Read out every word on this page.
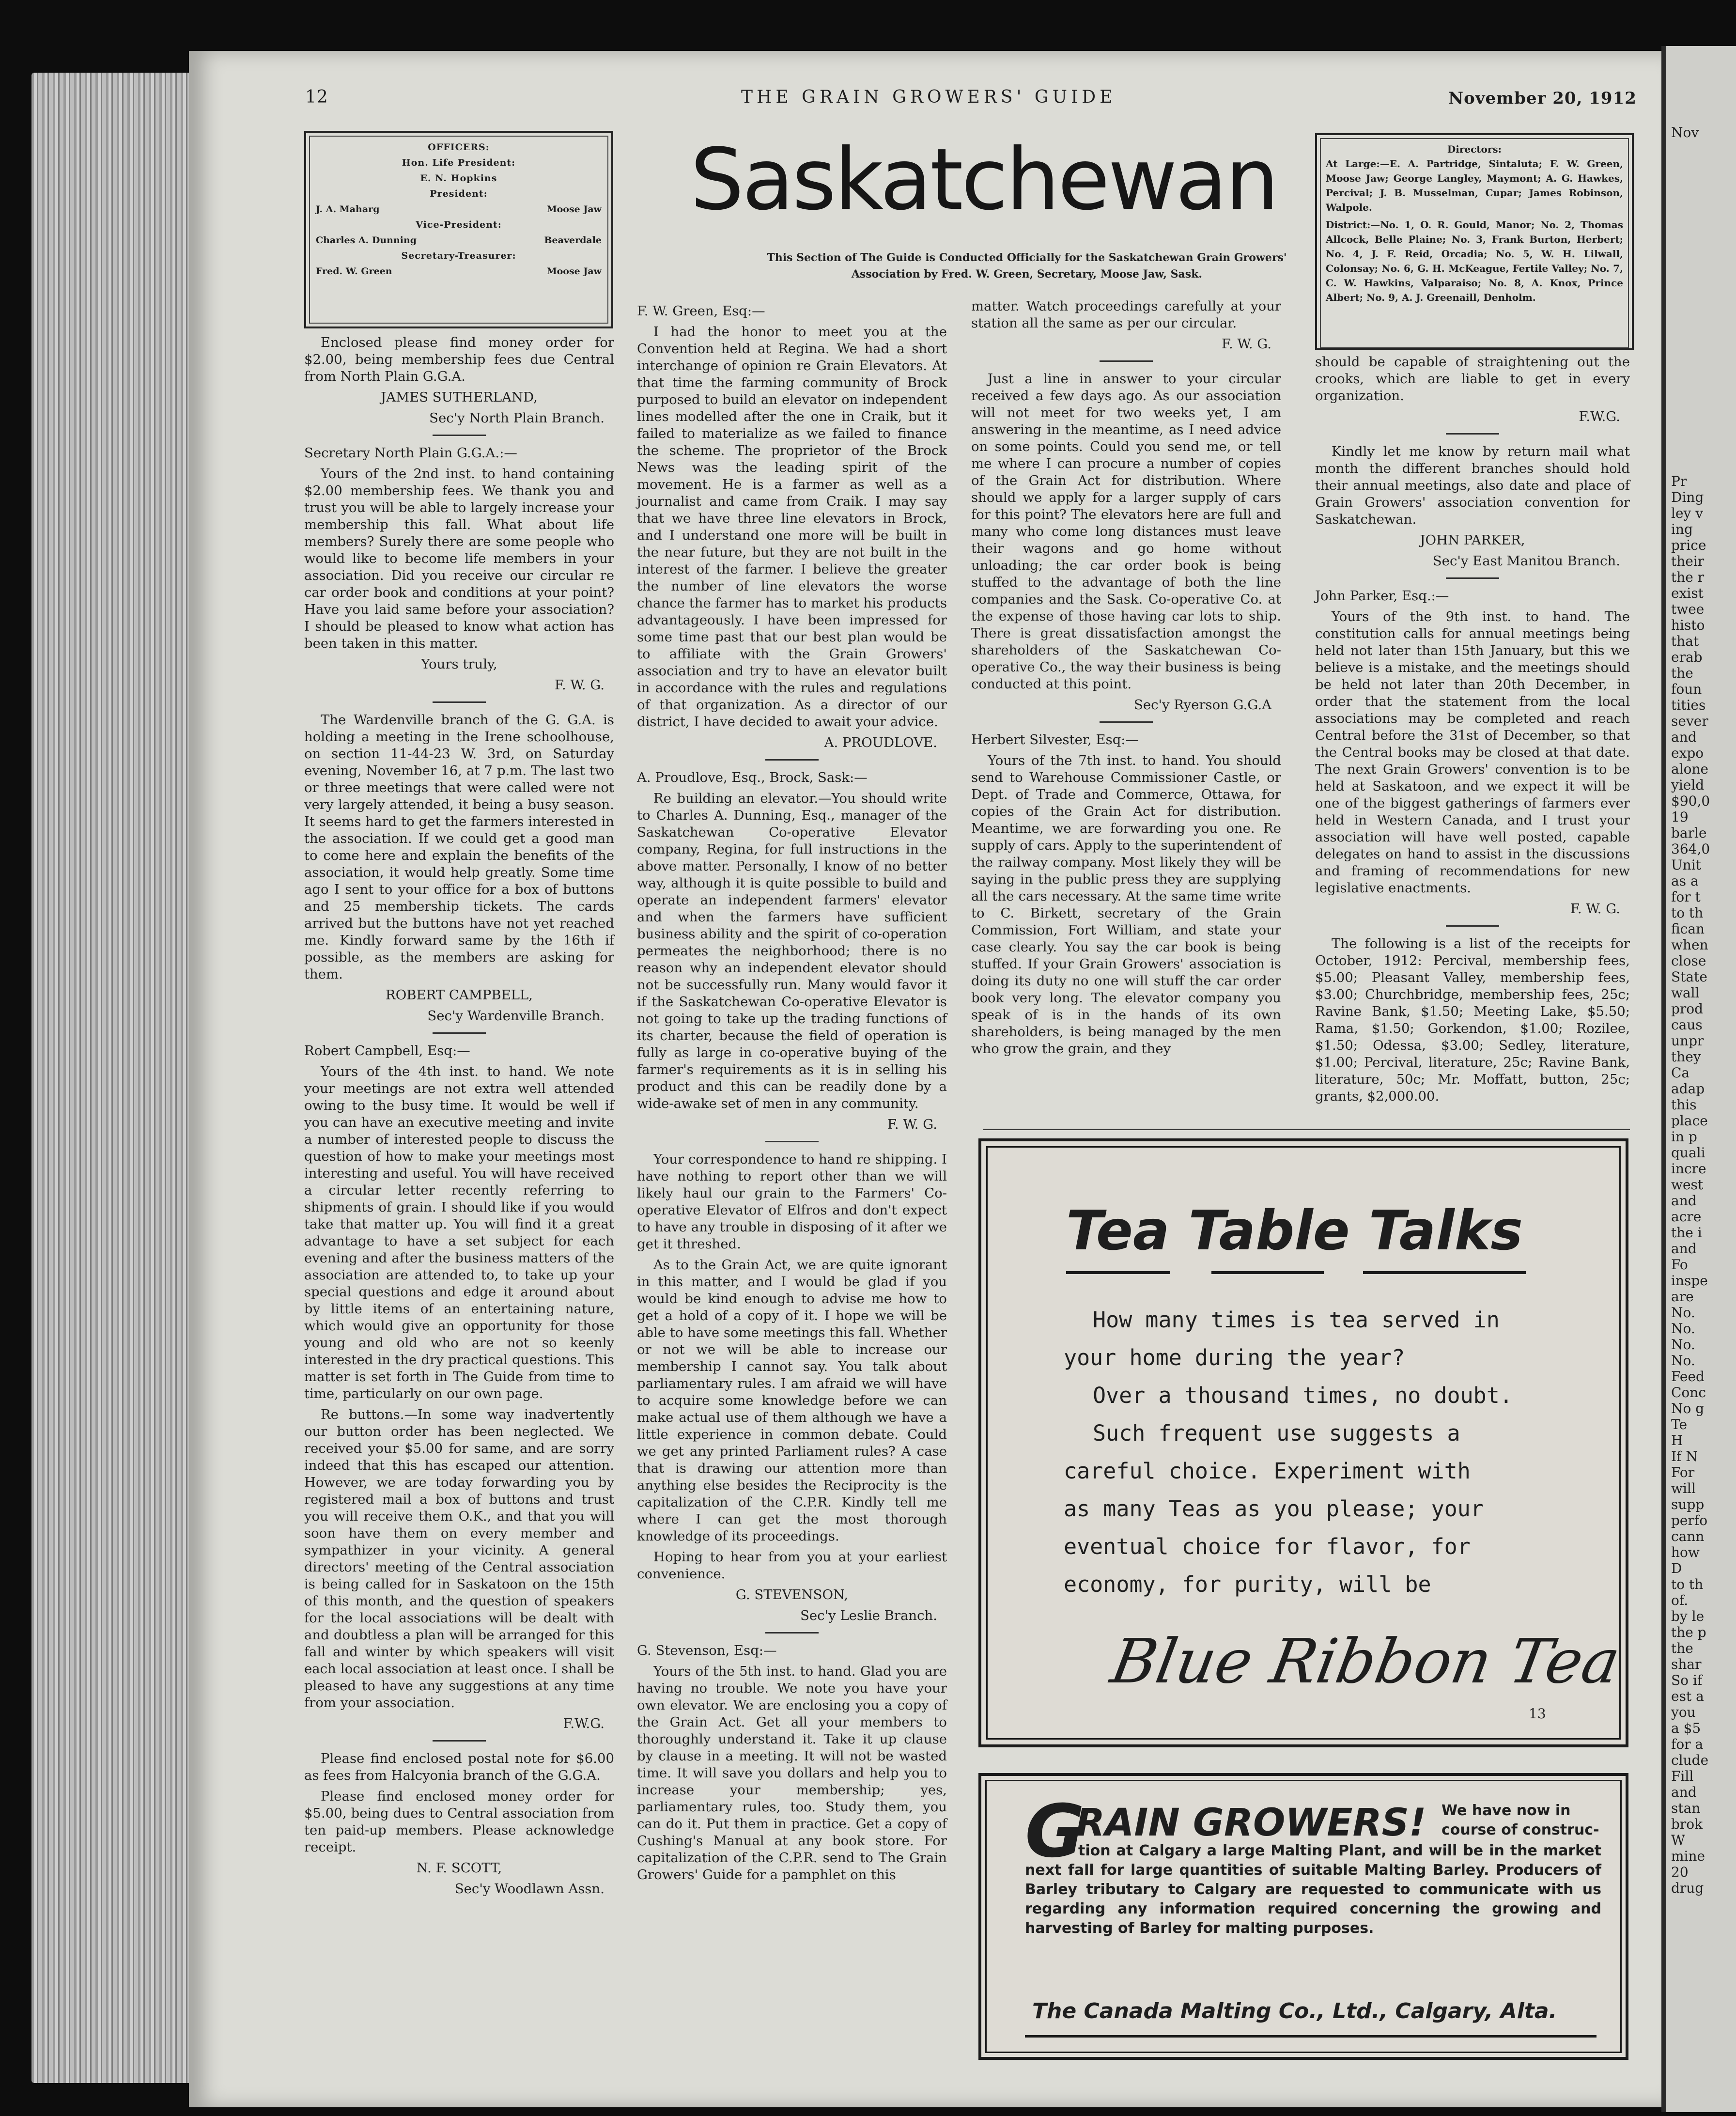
12	THE GRAIN GROWERS' GUIDE	November 20, 1912
OFFICERS:
Hon. Life President:
E. N. Hopkins
President:
J. A. Maharg	Moose Jaw
Vice-President:
Charles A. Dunning	Beaverdale
Secretary-Treasurer:
Fred. W. Green	Moose Jaw
Saskatchewan
This Section of The Guide is Conducted Officially for the Saskatchewan Grain Growers'
Association by Fred. W. Green, Secretary, Moose Jaw, Sask.
Directors:
At Large:—E. A. Partridge, Sintaluta; F. W. Green, Moose Jaw; George Langley, Maymont; A. G. Hawkes, Percival; J. B. Musselman, Cupar; James Robinson, Walpole.
District:—No. 1, O. R. Gould, Manor; No. 2, Thomas Allcock, Belle Plaine; No. 3, Frank Burton, Herbert; No. 4, J. F. Reid, Orcadia; No. 5, W. H. Lilwall, Colonsay; No. 6, G. H. McKeague, Fertile Valley; No. 7, C. W. Hawkins, Valparaiso; No. 8, A. Knox, Prince Albert; No. 9, A. J. Greenaill, Denholm.

Enclosed please find money order for $2.00, being membership fees due Central from North Plain G.G.A.

JAMES SUTHERLAND,

Sec'y North Plain Branch.

Secretary North Plain G.G.A.:—

Yours of the 2nd inst. to hand containing $2.00 membership fees. We thank you and trust you will be able to largely increase your membership this fall. What about life members? Surely there are some people who would like to become life members in your association. Did you receive our circular re car order book and conditions at your point? Have you laid same before your association? I should be pleased to know what action has been taken in this matter.

Yours truly,

F. W. G.

The Wardenville branch of the G. G.A. is holding a meeting in the Irene schoolhouse, on section 11-44-23 W. 3rd, on Saturday evening, November 16, at 7 p.m. The last two or three meetings that were called were not very largely attended, it being a busy season. It seems hard to get the farmers interested in the association. If we could get a good man to come here and explain the benefits of the association, it would help greatly. Some time ago I sent to your office for a box of buttons and 25 membership tickets. The cards arrived but the buttons have not yet reached me. Kindly forward same by the 16th if possible, as the members are asking for them.

ROBERT CAMPBELL,

Sec'y Wardenville Branch.

Robert Campbell, Esq:—

Yours of the 4th inst. to hand. We note your meetings are not extra well attended owing to the busy time. It would be well if you can have an executive meeting and invite a number of interested people to discuss the question of how to make your meetings most interesting and useful. You will have received a circular letter recently referring to shipments of grain. I should like if you would take that matter up. You will find it a great advantage to have a set subject for each evening and after the business matters of the association are attended to, to take up your special questions and edge it around about by little items of an entertaining nature, which would give an opportunity for those young and old who are not so keenly interested in the dry practical questions. This matter is set forth in The Guide from time to time, particularly on our own page.

Re buttons.—In some way inadvertently our button order has been neglected. We received your $5.00 for same, and are sorry indeed that this has escaped our attention. However, we are today forwarding you by registered mail a box of buttons and trust you will receive them O.K., and that you will soon have them on every member and sympathizer in your vicinity. A general directors' meeting of the Central association is being called for in Saskatoon on the 15th of this month, and the question of speakers for the local associations will be dealt with and doubtless a plan will be arranged for this fall and winter by which speakers will visit each local association at least once. I shall be pleased to have any suggestions at any time from your association.

F.W.G.

Please find enclosed postal note for $6.00 as fees from Halcyonia branch of the G.G.A.

Please find enclosed money order for $5.00, being dues to Central association from ten paid-up members. Please acknowledge receipt.

N. F. SCOTT,

Sec'y Woodlawn Assn.

F. W. Green, Esq:—

I had the honor to meet you at the Convention held at Regina. We had a short interchange of opinion re Grain Elevators. At that time the farming community of Brock purposed to build an elevator on independent lines modelled after the one in Craik, but it failed to materialize as we failed to finance the scheme. The proprietor of the Brock News was the leading spirit of the movement. He is a farmer as well as a journalist and came from Craik. I may say that we have three line elevators in Brock, and I understand one more will be built in the near future, but they are not built in the interest of the farmer. I believe the greater the number of line elevators the worse chance the farmer has to market his products advantageously. I have been impressed for some time past that our best plan would be to affiliate with the Grain Growers' association and try to have an elevator built in accordance with the rules and regulations of that organization. As a director of our district, I have decided to await your advice.

A. PROUDLOVE.

A. Proudlove, Esq., Brock, Sask:—

Re building an elevator.—You should write to Charles A. Dunning, Esq., manager of the Saskatchewan Co-operative Elevator company, Regina, for full instructions in the above matter. Personally, I know of no better way, although it is quite possible to build and operate an independent farmers' elevator and when the farmers have sufficient business ability and the spirit of co-operation permeates the neighborhood; there is no reason why an independent elevator should not be successfully run. Many would favor it if the Saskatchewan Co-operative Elevator is not going to take up the trading functions of its charter, because the field of operation is fully as large in co-operative buying of the farmer's requirements as it is in selling his product and this can be readily done by a wide-awake set of men in any community.

F. W. G.

Your correspondence to hand re shipping. I have nothing to report other than we will likely haul our grain to the Farmers' Co-operative Elevator of Elfros and don't expect to have any trouble in disposing of it after we get it threshed.

As to the Grain Act, we are quite ignorant in this matter, and I would be glad if you would be kind enough to advise me how to get a hold of a copy of it. I hope we will be able to have some meetings this fall. Whether or not we will be able to increase our membership I cannot say. You talk about parliamentary rules. I am afraid we will have to acquire some knowledge before we can make actual use of them although we have a little experience in common debate. Could we get any printed Parliament rules? A case that is drawing our attention more than anything else besides the Reciprocity is the capitalization of the C.P.R. Kindly tell me where I can get the most thorough knowledge of its proceedings.

Hoping to hear from you at your earliest convenience.

G. STEVENSON,

Sec'y Leslie Branch.

G. Stevenson, Esq:—

Yours of the 5th inst. to hand. Glad you are having no trouble. We note you have your own elevator. We are enclosing you a copy of the Grain Act. Get all your members to thoroughly understand it. Take it up clause by clause in a meeting. It will not be wasted time. It will save you dollars and help you to increase your membership; yes, parliamentary rules, too. Study them, you can do it. Put them in practice. Get a copy of Cushing's Manual at any book store. For capitalization of the C.P.R. send to The Grain Growers' Guide for a pamphlet on this

matter. Watch proceedings carefully at your station all the same as per our circular.

F. W. G.

Just a line in answer to your circular received a few days ago. As our association will not meet for two weeks yet, I am answering in the meantime, as I need advice on some points. Could you send me, or tell me where I can procure a number of copies of the Grain Act for distribution. Where should we apply for a larger supply of cars for this point? The elevators here are full and many who come long distances must leave their wagons and go home without unloading; the car order book is being stuffed to the advantage of both the line companies and the Sask. Co-operative Co. at the expense of those having car lots to ship. There is great dissatisfaction amongst the shareholders of the Saskatchewan Co-operative Co., the way their business is being conducted at this point.

Sec'y Ryerson G.G.A

Herbert Silvester, Esq:—

Yours of the 7th inst. to hand. You should send to Warehouse Commissioner Castle, or Dept. of Trade and Commerce, Ottawa, for copies of the Grain Act for distribution. Meantime, we are forwarding you one. Re supply of cars. Apply to the superintendent of the railway company. Most likely they will be saying in the public press they are supplying all the cars necessary. At the same time write to C. Birkett, secretary of the Grain Commission, Fort William, and state your case clearly. You say the car book is being stuffed. If your Grain Growers' association is doing its duty no one will stuff the car order book very long. The elevator company you speak of is in the hands of its own shareholders, is being managed by the men who grow the grain, and they

should be capable of straightening out the crooks, which are liable to get in every organization.

F.W.G.

Kindly let me know by return mail what month the different branches should hold their annual meetings, also date and place of Grain Growers' association convention for Saskatchewan.

JOHN PARKER,

Sec'y East Manitou Branch.

John Parker, Esq.:—

Yours of the 9th inst. to hand. The constitution calls for annual meetings being held not later than 15th January, but this we believe is a mistake, and the meetings should be held not later than 20th December, in order that the statement from the local associations may be completed and reach Central before the 31st of December, so that the Central books may be closed at that date. The next Grain Growers' convention is to be held at Saskatoon, and we expect it will be one of the biggest gatherings of farmers ever held in Western Canada, and I trust your association will have well posted, capable delegates on hand to assist in the discussions and framing of recommendations for new legislative enactments.

F. W. G.

The following is a list of the receipts for October, 1912: Percival, membership fees, $5.00; Pleasant Valley, membership fees, $3.00; Churchbridge, membership fees, 25c; Ravine Bank, $1.50; Meeting Lake, $5.50; Rama, $1.50; Gorkendon, $1.00; Rozilee, $1.50; Odessa, $3.00; Sedley, literature, $1.00; Percival, literature, 25c; Ravine Bank, literature, 50c; Mr. Moffatt, button, 25c; grants, $2,000.00.

Tea Table Talks
How many times is tea served in
your home during the year?
Over a thousand times, no doubt.
Such frequent use suggests a
careful choice. Experiment with
as many Teas as you please; your
eventual choice for flavor, for
economy, for purity, will be
Blue Ribbon Tea
13
G
RAIN GROWERS! We have now in course of construc-
tion at Calgary a large Malting Plant, and will be in the market next fall for large quantities of suitable Malting Barley. Producers of Barley tributary to Calgary are requested to communicate with us regarding any information required concerning the growing and harvesting of Barley for malting purposes.
The Canada Malting Co., Ltd., Calgary, Alta.
Nov
Pr
Ding
ley v
ing
price
their
the r
exist
twee
histo
that
erab
the
foun
tities
sever
and
expo
alone
yield
$90,0
19
barle
364,0
Unit
as a
for t
to th
fican
when
close
State
wall
prod
caus
unpr
they
Ca
adap
this
place
in p
quali
incre
west
and
acre
the i
and
Fo
inspe
are
No.
No.
No.
No.
Feed
Conc
No g
Te
H
If N
For
will
supp
perfo
cann
how
D
to th
of.
by le
the p
the
shar
So if
est a
you
a $5
for a
clude
Fill
and
stan
brok
W
mine
20
drug
